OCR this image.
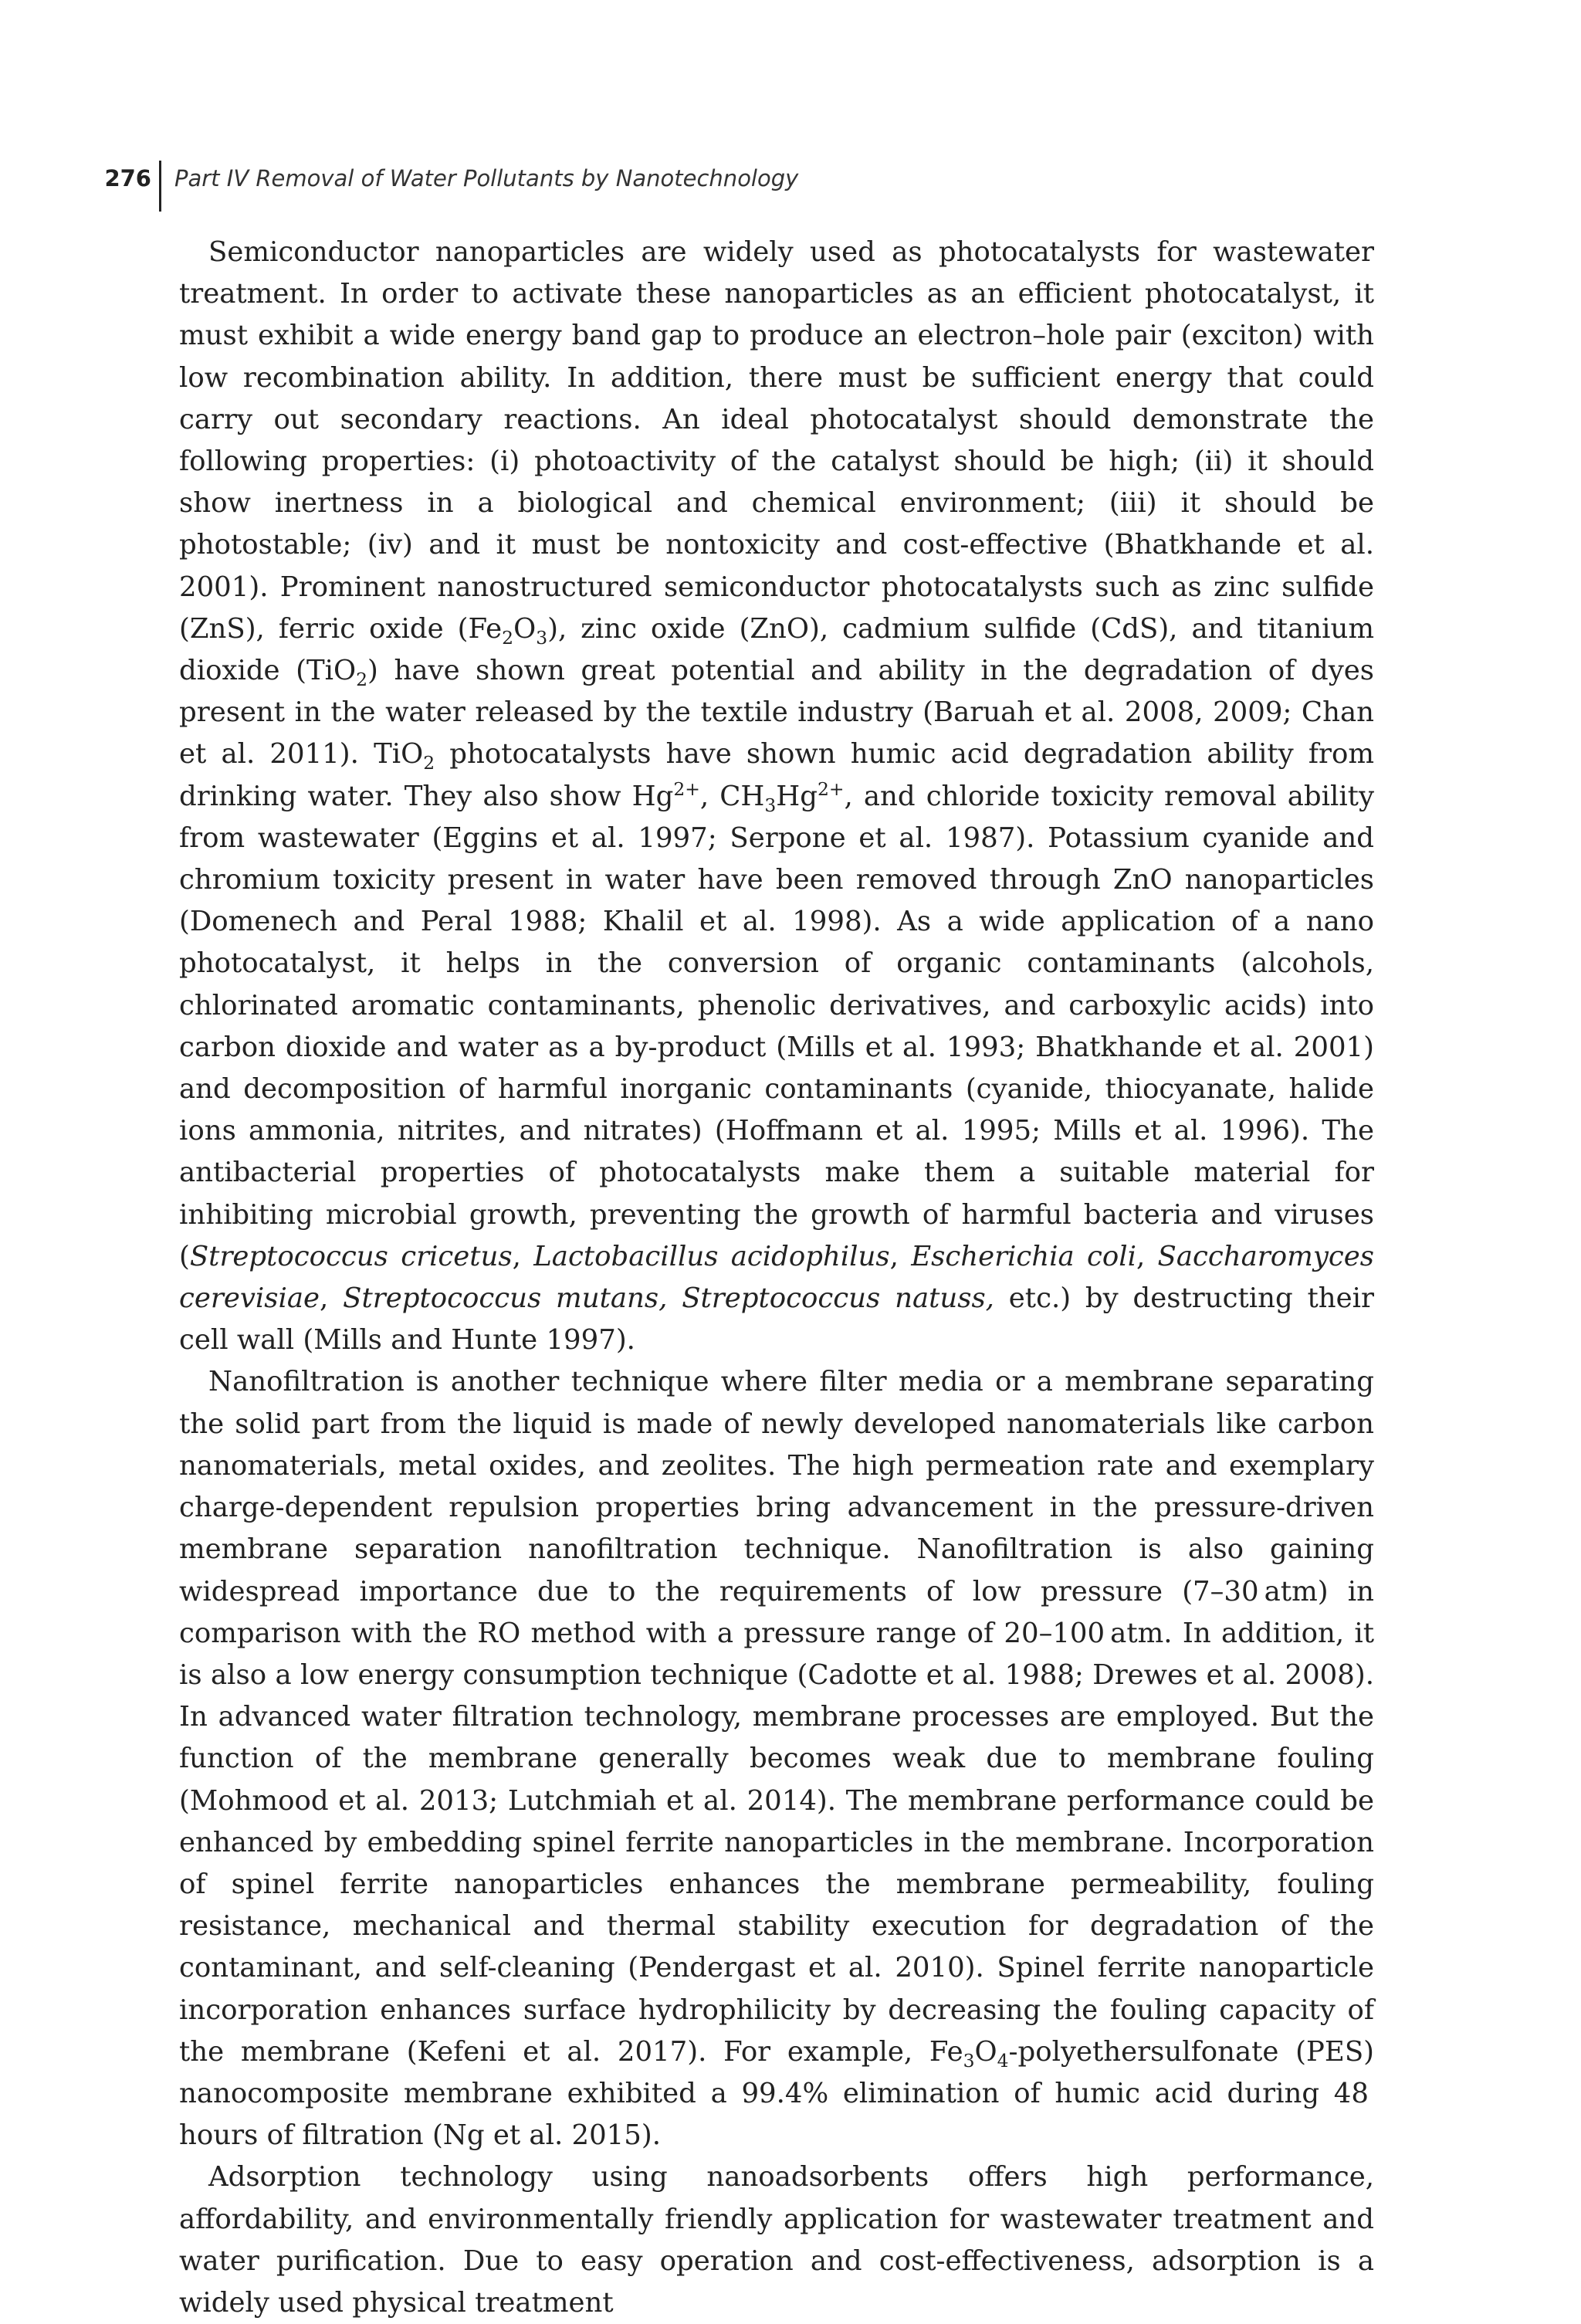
276 Part IV Removal of Water Pollutants by Nanotechnology

Semiconductor nanoparticles are widely used as photocatalysts for wastewater treatment. In order to activate these nanoparticles as an efficient photocatalyst, it must exhibit a wide energy band gap to produce an electron–hole pair (exciton) with low recombination ability. In addition, there must be sufficient energy that could carry out secondary reactions. An ideal photocatalyst should demonstrate the following properties: (i) photoactivity of the catalyst should be high; (ii) it should show inertness in a biological and chemical environment; (iii) it should be photostable; (iv) and it must be nontoxicity and cost-effective (Bhatkhande et al. 2001). Prominent nanostructured semiconductor photocatalysts such as zinc sulfide (ZnS), ferric oxide $(Fe_2O_3)$, zinc oxide (ZnO), cadmium sulfide (CdS), and titanium dioxide (TiO$_2$) have shown great potential and ability in the degradation of dyes present in the water released by the textile industry (Baruah et al. 2008, 2009; Chan et al. 2011). TiO$_2$ photocatalysts have shown humic acid degradation ability from drinking water. They also show $Hg^{2+}$, $CH_3Hg^{2+}$, and chloride toxicity removal ability from wastewater (Eggins et al. 1997; Serpone et al. 1987). Potassium cyanide and chromium toxicity present in water have been removed through ZnO nanoparticles (Domenech and Peral 1988; Khalil et al. 1998). As a wide application of a nano photocatalyst, it helps in the conversion of organic contaminants (alcohols, chlorinated aromatic contaminants, phenolic derivatives, and carboxylic acids) into carbon dioxide and water as a by-product (Mills et al. 1993; Bhatkhande et al. 2001) and decomposition of harmful inorganic contaminants (cyanide, thiocyanate, halide ions ammonia, nitrites, and nitrates) (Hoffmann et al. 1995; Mills et al. 1996). The antibacterial properties of photocatalysts make them a suitable material for inhibiting microbial growth, preventing the growth of harmful bacteria and viruses (Streptococcus cricetus, Lactobacillus acidophilus, Escherichia coli, Saccharomyces cerevisiae, Streptococcus mutans, Streptococcus natuss, etc.) by destructing their cell wall (Mills and Hunte 1997).

Nanofiltration is another technique where filter media or a membrane separating the solid part from the liquid is made of newly developed nanomaterials like carbon nanomaterials, metal oxides, and zeolites. The high permeation rate and exemplary charge-dependent repulsion properties bring advancement in the pressure-driven membrane separation nanofiltration technique. Nanofiltration is also gaining widespread importance due to the requirements of low pressure (7–30 atm) in comparison with the RO method with a pressure range of 20–100 atm. In addition, it is also a low energy consumption technique (Cadotte et al. 1988; Drewes et al. 2008). In advanced water filtration technology, membrane processes are employed. But the function of the membrane generally becomes weak due to membrane fouling (Mohmood et al. 2013; Lutchmiah et al. 2014). The membrane performance could be enhanced by embedding spinel ferrite nanoparticles in the membrane. Incorporation of spinel ferrite nanoparticles enhances the membrane permeability, fouling resistance, mechanical and thermal stability execution for degradation of the contaminant, and self-cleaning (Pendergast et al. 2010). Spinel ferrite nanoparticle incorporation enhances surface hydrophilicity by decreasing the fouling capacity of the membrane (Kefeni et al. 2017). For example, $Fe_3O_4$-polyethersulfonate (PES) nanocomposite membrane exhibited a 99.4% elimination of humic acid during 48 hours of filtration (Ng et al. 2015).

Adsorption technology using nanoadsorbents offers high performance, affordability, and environmentally friendly application for wastewater treatment and water purification. Due to easy operation and cost-effectiveness, adsorption is a widely used physical treatment
